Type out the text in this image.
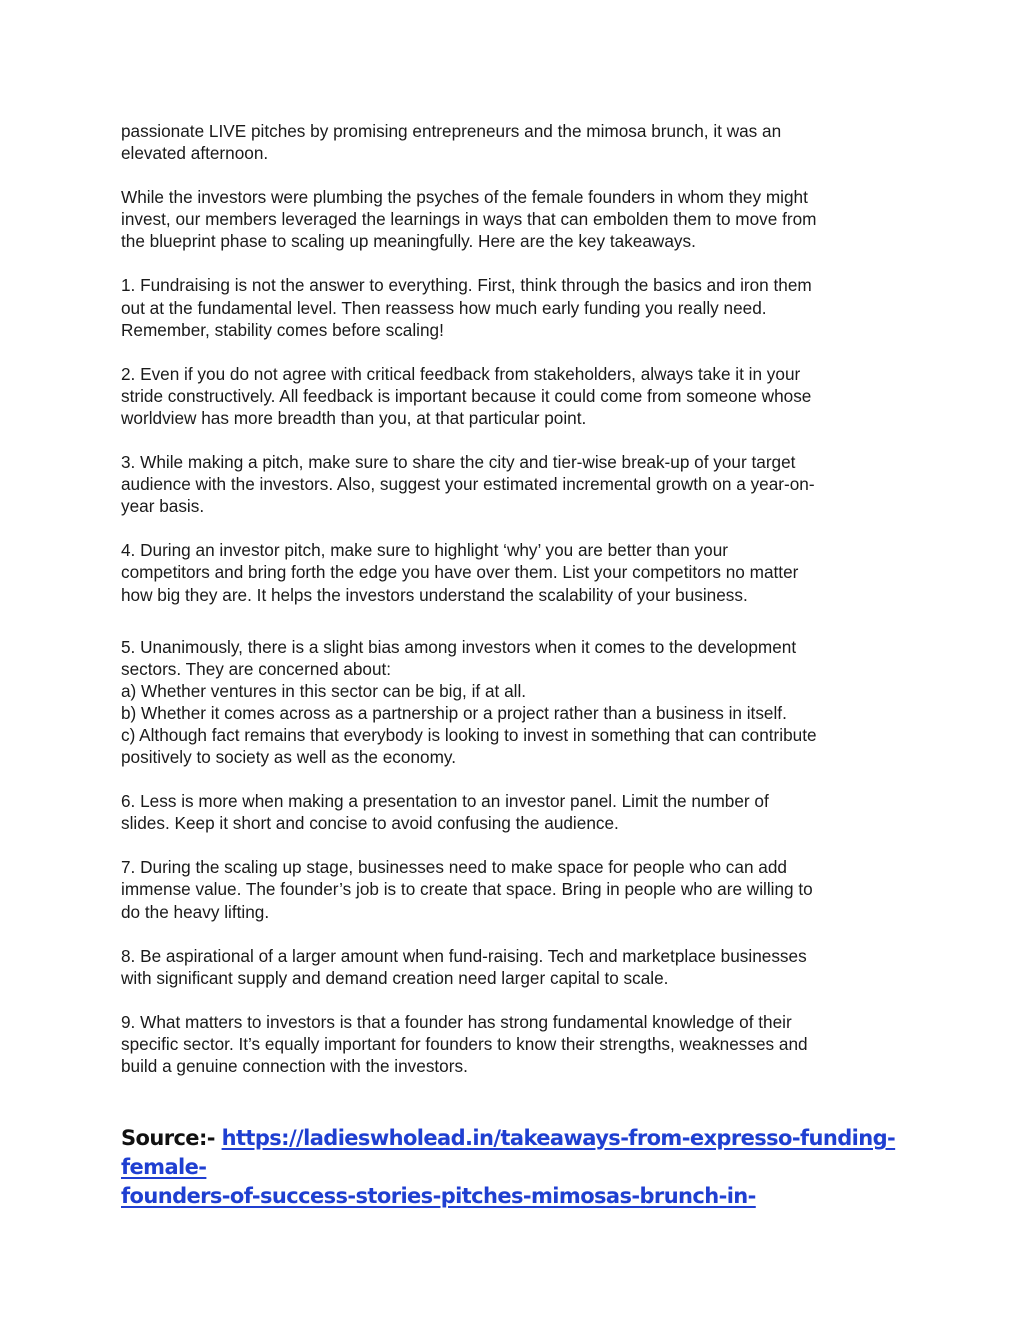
passionate LIVE pitches by promising entrepreneurs and the mimosa brunch, it was an
elevated afternoon.

While the investors were plumbing the psyches of the female founders in whom they might
invest, our members leveraged the learnings in ways that can embolden them to move from
the blueprint phase to scaling up meaningfully. Here are the key takeaways.

1. Fundraising is not the answer to everything. First, think through the basics and iron them
out at the fundamental level. Then reassess how much early funding you really need.
Remember, stability comes before scaling!

2. Even if you do not agree with critical feedback from stakeholders, always take it in your
stride constructively. All feedback is important because it could come from someone whose
worldview has more breadth than you, at that particular point.

3. While making a pitch, make sure to share the city and tier-wise break-up of your target
audience with the investors. Also, suggest your estimated incremental growth on a year-on-
year basis.

4. During an investor pitch, make sure to highlight ‘why’ you are better than your
competitors and bring forth the edge you have over them. List your competitors no matter
how big they are. It helps the investors understand the scalability of your business.

5. Unanimously, there is a slight bias among investors when it comes to the development
sectors. They are concerned about:
a) Whether ventures in this sector can be big, if at all.
b) Whether it comes across as a partnership or a project rather than a business in itself.
c) Although fact remains that everybody is looking to invest in something that can contribute
positively to society as well as the economy.

6. Less is more when making a presentation to an investor panel. Limit the number of
slides. Keep it short and concise to avoid confusing the audience.

7. During the scaling up stage, businesses need to make space for people who can add
immense value. The founder’s job is to create that space. Bring in people who are willing to
do the heavy lifting.

8. Be aspirational of a larger amount when fund-raising. Tech and marketplace businesses
with significant supply and demand creation need larger capital to scale.

9. What matters to investors is that a founder has strong fundamental knowledge of their
specific sector. It’s equally important for founders to know their strengths, weaknesses and
build a genuine connection with the investors.

Source:- https://ladieswholead.in/takeaways-from-expresso-funding-female-
founders-of-success-stories-pitches-mimosas-brunch-in-
